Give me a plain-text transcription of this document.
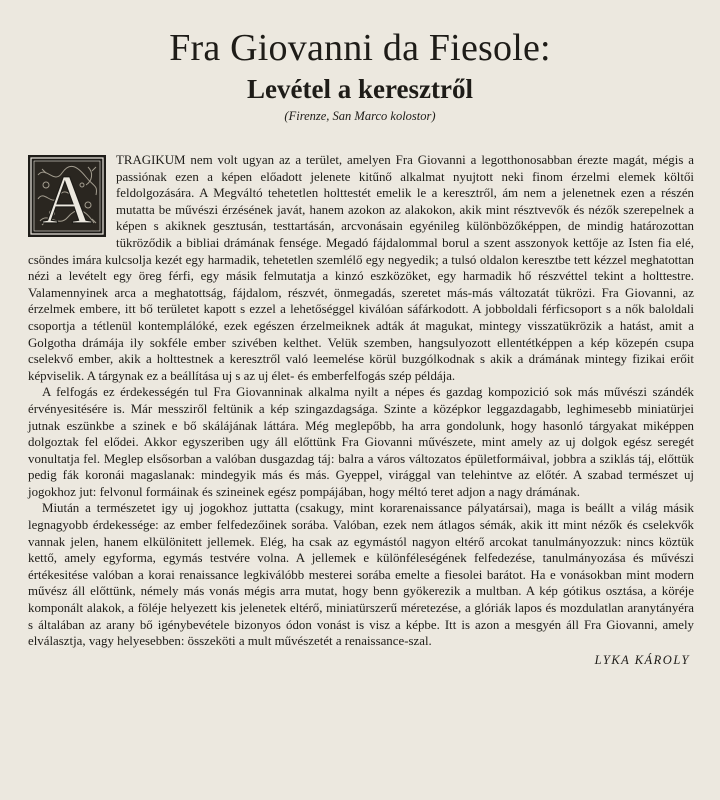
Fra Giovanni da Fiesole:
Levétel a keresztről
(Firenze, San Marco kolostor)
A

TRAGIKUM nem volt ugyan az a terület, amelyen Fra Giovanni a legotthonosabban érezte magát, mégis a passiónak ezen a képen előadott jelenete kitűnő alkalmat nyujtott neki finom érzelmi elemek költői feldolgozására. A Megváltó tehetetlen holttestét emelik le a keresztről, ám nem a jelenetnek ezen a részén mutatta be művészi érzésének javát, hanem azokon az alakokon, akik mint résztvevők és nézők szerepelnek a képen s akiknek gesztusán, testtartásán, arcvonásain egyénileg különbözőképpen, de mindig határozottan tükröződik a bibliai drámának fensége. Megadó fájdalommal borul a szent asszonyok kettője az Isten fia elé, csöndes imára kulcsolja kezét egy harmadik, tehetetlen szemlélő egy negyedik; a tulsó oldalon keresztbe tett kézzel meghatottan nézi a levételt egy öreg férfi, egy másik felmutatja a kinzó eszközöket, egy harmadik hő részvéttel tekint a holttestre. Valamennyinek arca a meghatottság, fájdalom, részvét, önmegadás, szeretet más-más változatát tükrözi. Fra Giovanni, az érzelmek embere, itt bő területet kapott s ezzel a lehetőséggel kiválóan sáfárkodott. A jobboldali férficsoport s a nők baloldali csoportja a tétlenül kontemplálóké, ezek egészen érzelmeiknek adták át magukat, mintegy visszatükrözik a hatást, amit a Golgotha drámája ily sokféle ember szivében kelthet. Velük szemben, hangsulyozott ellentétképpen a kép közepén csupa cselekvő ember, akik a holttestnek a keresztről való leemelése körül buzgólkodnak s akik a drámának mintegy fizikai erőit képviselik. A tárgynak ez a beállítása uj s az uj élet- és emberfelfogás szép példája.

A felfogás ez érdekességén tul Fra Giovanninak alkalma nyilt a népes és gazdag kompozició sok más művészi szándék érvényesitésére is. Már messziről feltünik a kép szingazdagsága. Szinte a középkor leggazdagabb, leghimesebb miniatürjei jutnak eszünkbe a szinek e bő skálájának láttára. Még meglepőbb, ha arra gondolunk, hogy hasonló tárgyakat miképpen dolgoztak fel elődei. Akkor egyszeriben ugy áll előttünk Fra Giovanni művészete, mint amely az uj dolgok egész seregét vonultatja fel. Meglep elsősorban a valóban dusgazdag táj: balra a város változatos épületformáival, jobbra a sziklás táj, előttük pedig fák koronái magaslanak: mindegyik más és más. Gyeppel, virággal van telehintve az előtér. A szabad természet uj jogokhoz jut: felvonul formáinak és szineinek egész pompájában, hogy méltó teret adjon a nagy drámának.

Miután a természetet igy uj jogokhoz juttatta (csakugy, mint korarenaissance pályatársai), maga is beállt a világ másik legnagyobb érdekessége: az ember felfedezőinek sorába. Valóban, ezek nem átlagos sémák, akik itt mint nézők és cselekvők vannak jelen, hanem elkülönitett jellemek. Elég, ha csak az egymástól nagyon eltérő arcokat tanulmányozzuk: nincs köztük kettő, amely egyforma, egymás testvére volna. A jellemek e különféleségének felfedezése, tanulmányozása és művészi értékesitése valóban a korai renaissance legkiválóbb mesterei sorába emelte a fiesolei barátot. Ha e vonásokban mint modern művész áll előttünk, némely más vonás mégis arra mutat, hogy benn gyökerezik a multban. A kép gótikus osztása, a köréje komponált alakok, a föléje helyezett kis jelenetek eltérő, miniatürszerű méretezése, a glóriák lapos és mozdulatlan aranytányéra s általában az arany bő igénybevétele bizonyos ódon vonást is visz a képbe. Itt is azon a mesgyén áll Fra Giovanni, amely elválasztja, vagy helyesebben: összeköti a mult művészetét a renaissance-szal.

LYKA KÁROLY
